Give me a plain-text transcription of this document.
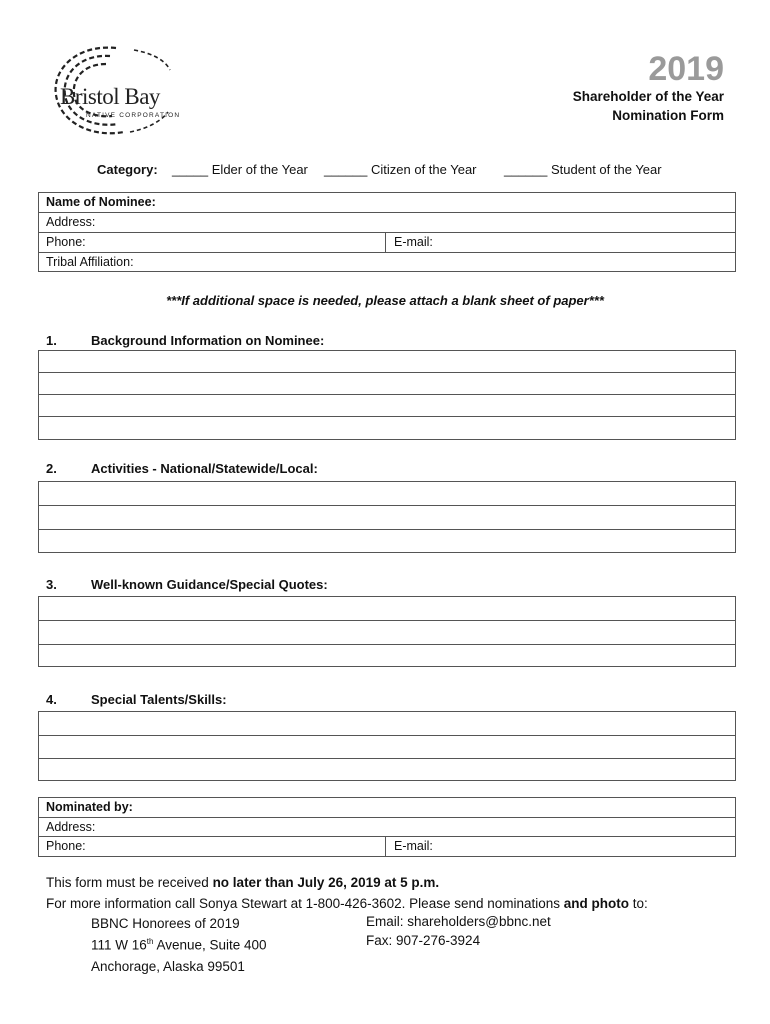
Bristol Bay
NATIVE CORPORATION
2019
Shareholder of the Year
Nomination Form
Category: _____ Elder of the Year ______ Citizen of the Year ______ Student of the Year
Name of Nominee:
Address:
Phone:	E-mail:
Tribal Affiliation:
***If additional space is needed, please attach a blank sheet of paper***
1.	Background Information on Nominee:
2.	Activities - National/Statewide/Local:
3.	Well-known Guidance/Special Quotes:
4.	Special Talents/Skills:
Nominated by:
Address:
Phone:	E-mail:
This form must be received no later than July 26, 2019 at 5 p.m.
For more information call Sonya Stewart at 1-800-426-3602. Please send nominations and photo to:
BBNC Honorees of 2019
111 W 16th Avenue, Suite 400
Anchorage, Alaska 99501
Email: shareholders@bbnc.net
Fax: 907-276-3924
